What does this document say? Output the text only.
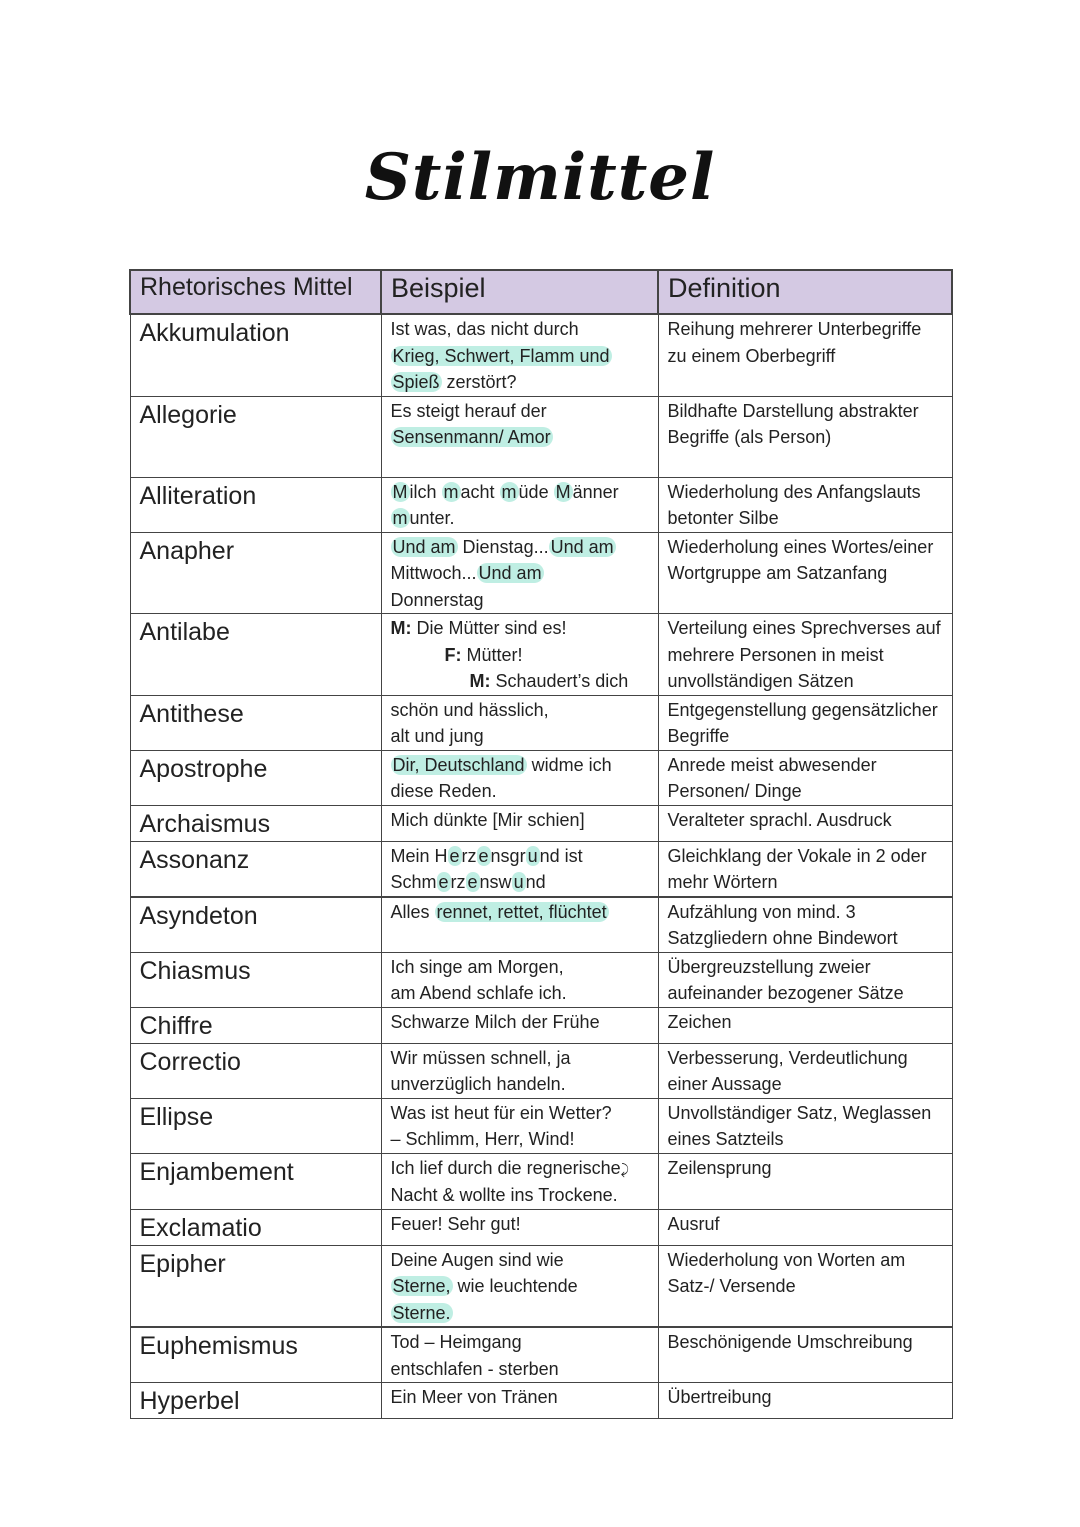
Stilmittel
Rhetorisches Mittel	Beispiel	Definition
Akkumulation	Ist was, das nicht durch
Krieg, Schwert, Flamm und
Spieß zerstört?	Reihung mehrerer Unterbegriffe zu einem Oberbegriff
Allegorie	Es steigt herauf der
Sensenmann/ Amor	Bildhafte Darstellung abstrakter Begriffe (als Person)
Alliteration	M ilch m acht m üde M änner m unter.	Wiederholung des Anfangslauts betonter Silbe
Anapher	Und am Dienstag... Und am
Mittwoch... Und am
Donnerstag	Wiederholung eines Wortes/einer Wortgruppe am Satzanfang
Antilabe	M: Die Mütter sind es!
F: Mütter!
M: Schaudert’s dich	Verteilung eines Sprechverses auf mehrere Personen in meist unvollständigen Sätzen
Antithese	schön und hässlich,
alt und jung	Entgegenstellung gegensätzlicher Begriffe
Apostrophe	Dir, Deutschland widme ich
diese Reden.	Anrede meist abwesender Personen/ Dinge
Archaismus	Mich dünkte [Mir schien]	Veralteter sprachl. Ausdruck
Assonanz	Mein H e rz e nsgr u nd ist
Schm e rz e nsw u nd	Gleichklang der Vokale in 2 oder mehr Wörtern
Asyndeton	Alles rennet, rettet, flüchtet	Aufzählung von mind. 3 Satzgliedern ohne Bindewort
Chiasmus	Ich singe am Morgen,
am Abend schlafe ich.	Übergreuzstellung zweier aufeinander bezogener Sätze
Chiffre	Schwarze Milch der Frühe	Zeichen
Correctio	Wir müssen schnell, ja
unverzüglich handeln.	Verbesserung, Verdeutlichung einer Aussage
Ellipse	Was ist heut für ein Wetter?
– Schlimm, Herr, Wind!	Unvollständiger Satz, Weglassen eines Satzteils
Enjambement	Ich lief durch die regnerische⤸
Nacht & wollte ins Trockene.	Zeilensprung
Exclamatio	Feuer! Sehr gut!	Ausruf
Epipher	Deine Augen sind wie
Sterne, wie leuchtende
Sterne.	Wiederholung von Worten am Satz-/ Versende
Euphemismus	Tod – Heimgang
entschlafen - sterben	Beschönigende Umschreibung
Hyperbel	Ein Meer von Tränen	Übertreibung
